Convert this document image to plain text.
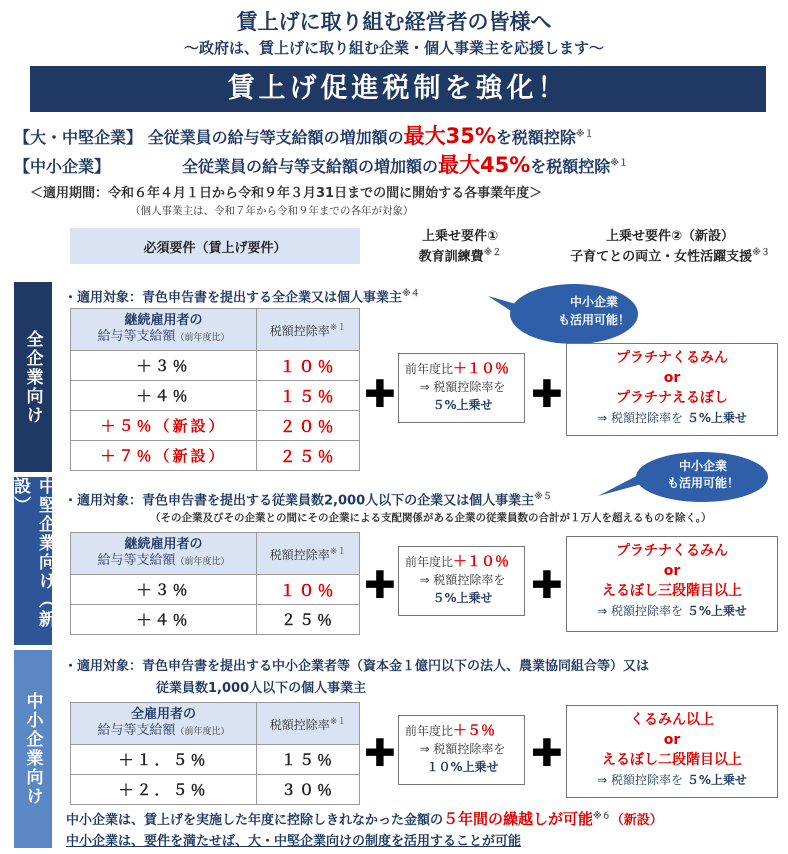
賃上げに取り組む経営者の皆様へ
～政府は、賃上げに取り組む企業・個人事業主を応援します～
賃上げ促進税制を強化！
【大・中堅企業】 全従業員の給与等支給額の増加額の最大35%を税額控除$^{※1}$
【中小企業】	全従業員の給与等支給額の増加額の最大45%を税額控除$^{※1}$
＜適用期間：令和６年４月１日から令和９年３月31日までの間に開始する各事業年度＞
（個人事業主は、令和７年から令和９年までの各年が対象）
必須要件（賃上げ要件）
上乗せ要件①
教育訓練費$^{※2}$
上乗せ要件②（新設）
子育てとの両立・女性活躍支援$^{※3}$
全企業向け
・適用対象：青色申告書を提出する全企業又は個人事業主$^{※4}$
中小企業
も活用可能！
継続雇用者の
給与等支給額（前年度比）	税額控除率$^{※1}$
＋３％	１０％
＋４％	１５％
＋５％（新設）	２０％
＋７％（新設）	２５％
✚
前年度比＋１０％
⇒ 税額控除率を
５%上乗せ	✚
プラチナくるみん
or
プラチナえるぼし
⇒ 税額控除率を ５%上乗せ
中堅企業向け（新設）
中小企業
も活用可能！
・適用対象：青色申告書を提出する従業員数2,000人以下の企業又は個人事業主$^{※5}$
（その企業及びその企業との間にその企業による支配関係がある企業の従業員数の合計が１万人を超えるものを除く。）
継続雇用者の
給与等支給額（前年度比）	税額控除率$^{※1}$
＋３％	１０％
＋４％	２５％
✚
前年度比＋１０％
⇒ 税額控除率を
５%上乗せ	✚
プラチナくるみん
or
えるぼし三段階目以上
⇒ 税額控除率を ５%上乗せ
中小企業向け
・適用対象：青色申告書を提出する中小企業者等（資本金１億円以下の法人、農業協同組合等）又は
従業員数1,000人以下の個人事業主
全雇用者の
給与等支給額（前年度比）	税額控除率$^{※1}$
＋１．５％	１５％
＋２．５％	３０％
✚ 前年度比＋５％
⇒ 税額控除率を
１０%上乗せ ✚
くるみん以上
or
えるぼし二段階目以上
⇒ 税額控除率を ５%上乗せ
中小企業は、賃上げを実施した年度に控除しきれなかった金額の５年間の繰越しが可能$^{※6}$（新設）
中小企業は、要件を満たせば、大・中堅企業向けの制度を活用することが可能
